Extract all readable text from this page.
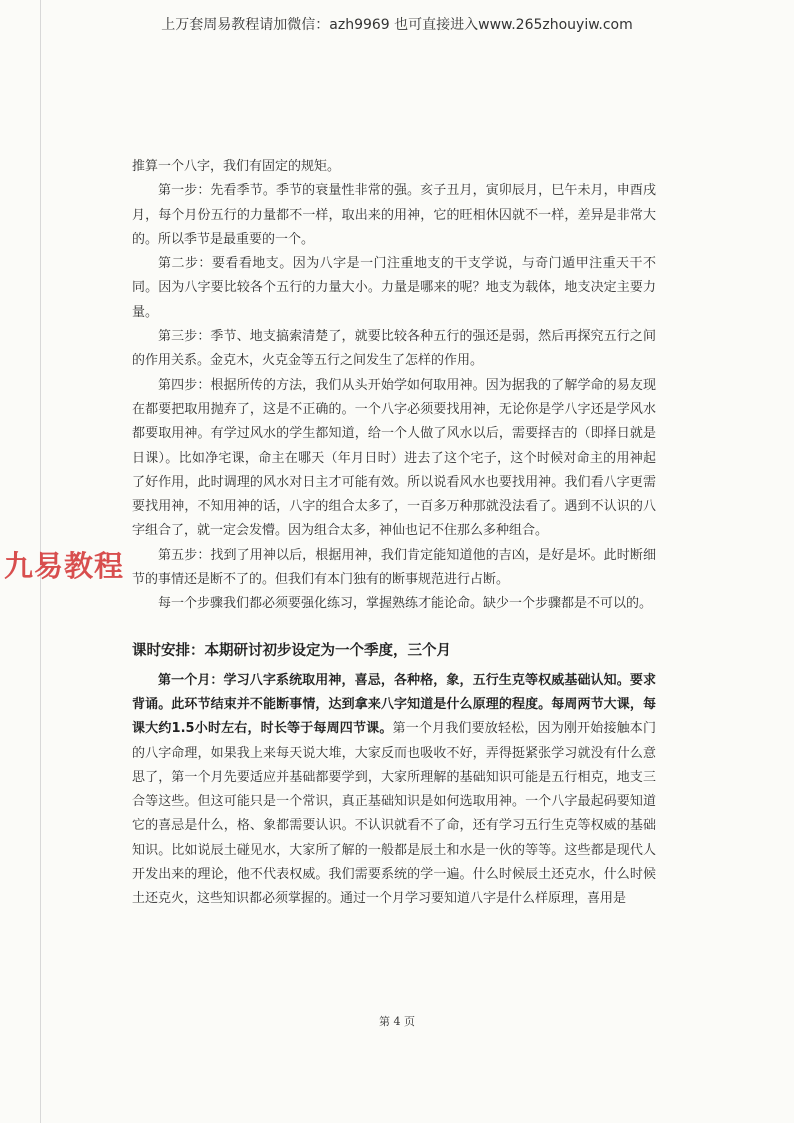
上万套周易教程请加微信：azh9969 也可直接进入www.265zhouyiw.com

推算一个八字，我们有固定的规矩。

第一步：先看季节。季节的衰量性非常的强。亥子丑月，寅卯辰月，巳午未月，申酉戌月，每个月份五行的力量都不一样，取出来的用神，它的旺相休囚就不一样，差异是非常大的。所以季节是最重要的一个。

第二步：要看看地支。因为八字是一门注重地支的干支学说，与奇门遁甲注重天干不同。因为八字要比较各个五行的力量大小。力量是哪来的呢？地支为载体，地支决定主要力量。

第三步：季节、地支搞索清楚了，就要比较各种五行的强还是弱，然后再探究五行之间的作用关系。金克木，火克金等五行之间发生了怎样的作用。

第四步：根据所传的方法，我们从头开始学如何取用神。因为据我的了解学命的易友现在都要把取用抛弃了，这是不正确的。一个八字必须要找用神，无论你是学八字还是学风水都要取用神。有学过风水的学生都知道，给一个人做了风水以后，需要择吉的（即择日就是日课）。比如净宅课，命主在哪天（年月日时）进去了这个宅子，这个时候对命主的用神起了好作用，此时调理的风水对日主才可能有效。所以说看风水也要找用神。我们看八字更需要找用神，不知用神的话，八字的组合太多了，一百多万种那就没法看了。遇到不认识的八字组合了，就一定会发懵。因为组合太多，神仙也记不住那么多种组合。

第五步：找到了用神以后，根据用神，我们肯定能知道他的吉凶，是好是坏。此时断细节的事情还是断不了的。但我们有本门独有的断事规范进行占断。

每一个步骤我们都必须要强化练习，掌握熟练才能论命。缺少一个步骤都是不可以的。

课时安排：本期研讨初步设定为一个季度，三个月

第一个月：学习八字系统取用神，喜忌，各种格，象，五行生克等权威基础认知。要求背诵。此环节结束并不能断事情，达到拿来八字知道是什么原理的程度。每周两节大课，每课大约1.5小时左右，时长等于每周四节课。第一个月我们要放轻松，因为刚开始接触本门的八字命理，如果我上来每天说大堆，大家反而也吸收不好，弄得挺紧张学习就没有什么意思了，第一个月先要适应并基础都要学到，大家所理解的基础知识可能是五行相克，地支三合等这些。但这可能只是一个常识，真正基础知识是如何选取用神。一个八字最起码要知道它的喜忌是什么，格、象都需要认识。不认识就看不了命，还有学习五行生克等权威的基础知识。比如说辰土碰见水，大家所了解的一般都是辰土和水是一伙的等等。这些都是现代人开发出来的理论，他不代表权威。我们需要系统的学一遍。什么时候辰土还克水，什么时候土还克火，这些知识都必须掌握的。通过一个月学习要知道八字是什么样原理，喜用是

九易教程
第 4 页
